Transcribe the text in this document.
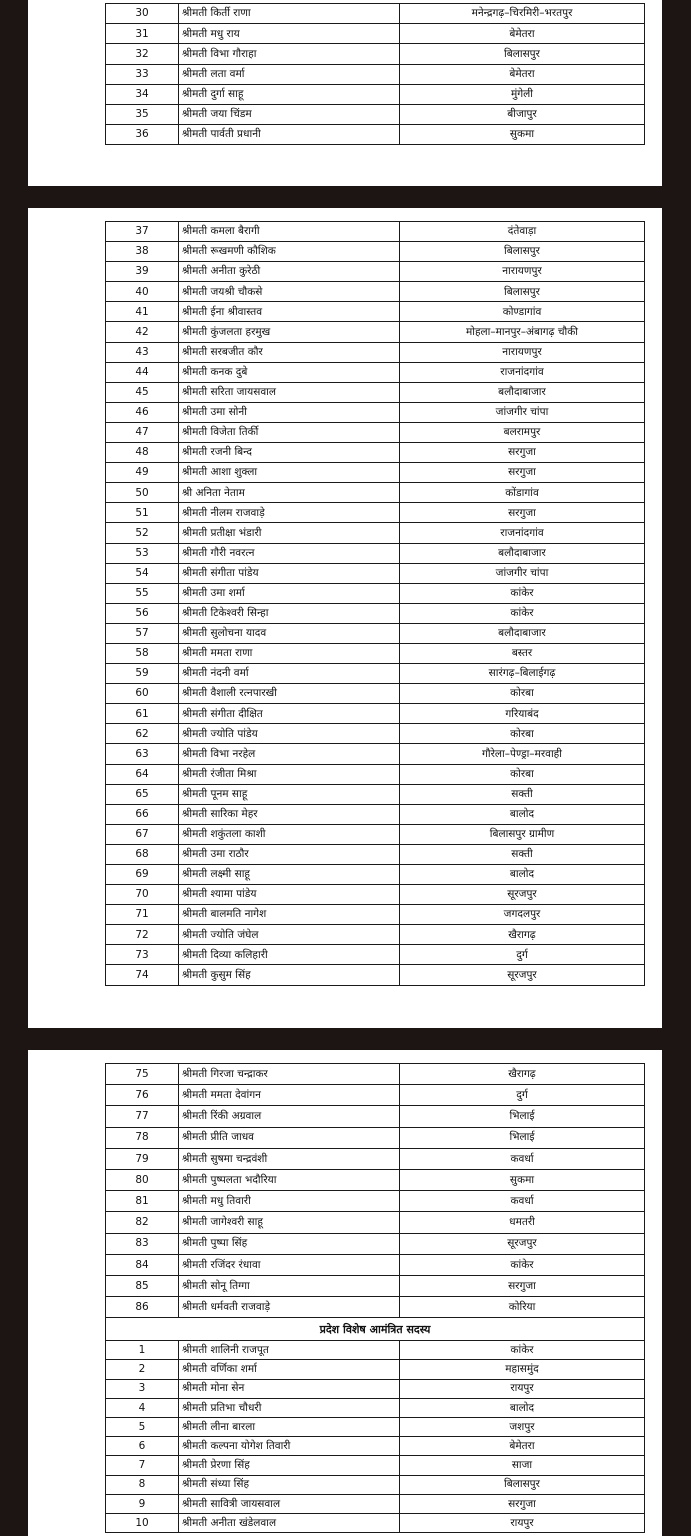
30	श्रीमती किर्ती राणा	मनेन्द्रगढ़–चिरमिरी–भरतपुर
31	श्रीमती मधु राय	बेमेतरा
32	श्रीमती विभा गौराहा	बिलासपुर
33	श्रीमती लता वर्मा	बेमेतरा
34	श्रीमती दुर्गा साहू	मुंगेली
35	श्रीमती जया चिंडम	बीजापुर
36	श्रीमती पार्वती प्रधानी	सुकमा
37	श्रीमती कमला बैरागी	दंतेवाड़ा
38	श्रीमती रूखमणी कौशिक	बिलासपुर
39	श्रीमती अनीता कुरेठी	नारायणपुर
40	श्रीमती जयश्री चौकसे	बिलासपुर
41	श्रीमती ईना श्रीवास्तव	कोण्डागांव
42	श्रीमती कुंजलता हरमुख	मोहला–मानपुर–अंबागढ़ चौकी
43	श्रीमती सरबजीत कौर	नारायणपुर
44	श्रीमती कनक दुबे	राजनांदगांव
45	श्रीमती सरिता जायसवाल	बलौदाबाजार
46	श्रीमती उमा सोनी	जांजगीर चांपा
47	श्रीमती विजेता तिर्की	बलरामपुर
48	श्रीमती रजनी बिन्द	सरगुजा
49	श्रीमती आशा शुक्ला	सरगुजा
50	श्री अनिता नेताम	कोंडागांव
51	श्रीमती नीलम राजवाड़े	सरगुजा
52	श्रीमती प्रतीक्षा भंडारी	राजनांदगांव
53	श्रीमती गौरी नवरत्न	बलौदाबाजार
54	श्रीमती संगीता पांडेय	जांजगीर चांपा
55	श्रीमती उमा शर्मा	कांकेर
56	श्रीमती टिकेश्वरी सिन्हा	कांकेर
57	श्रीमती सुलोचना यादव	बलौदाबाजार
58	श्रीमती ममता राणा	बस्तर
59	श्रीमती नंदनी वर्मा	सारंगढ़–बिलाईगढ़
60	श्रीमती वैशाली रत्नपारखी	कोरबा
61	श्रीमती संगीता दीक्षित	गरियाबंद
62	श्रीमती ज्योति पांडेय	कोरबा
63	श्रीमती विभा नरहेल	गौरेला–पेण्ड्रा–मरवाही
64	श्रीमती रंजीता मिश्रा	कोरबा
65	श्रीमती पूनम साहू	सक्ती
66	श्रीमती सारिका मेहर	बालोद
67	श्रीमती शकुंतला काशी	बिलासपुर ग्रामीण
68	श्रीमती उमा राठौर	सक्ती
69	श्रीमती लक्ष्मी साहू	बालोद
70	श्रीमती श्यामा पांडेय	सूरजपुर
71	श्रीमती बालमति नागेश	जगदलपुर
72	श्रीमती ज्योति जंघेल	खैरागढ़
73	श्रीमती दिव्या कलिहारी	दुर्ग
74	श्रीमती कुसुम सिंह	सूरजपुर
75	श्रीमती गिरजा चन्द्राकर	खैरागढ़
76	श्रीमती ममता देवांगन	दुर्ग
77	श्रीमती रिंकी अग्रवाल	भिलाई
78	श्रीमती प्रीति जाधव	भिलाई
79	श्रीमती सुषमा चन्द्रवंशी	कवर्धा
80	श्रीमती पुष्पलता भदौरिया	सुकमा
81	श्रीमती मधु तिवारी	कवर्धा
82	श्रीमती जागेश्वरी साहू	धमतरी
83	श्रीमती पुष्पा सिंह	सूरजपुर
84	श्रीमती रजिंदर रंधावा	कांकेर
85	श्रीमती सोनू तिग्गा	सरगुजा
86	श्रीमती धर्मवती राजवाड़े	कोरिया
प्रदेश विशेष आमंत्रित सदस्य		
1	श्रीमती शालिनी राजपूत	कांकेर
2	श्रीमती वर्णिका शर्मा	महासमुंद
3	श्रीमती मोना सेन	रायपुर
4	श्रीमती प्रतिभा चौधरी	बालोद
5	श्रीमती लीना बारला	जशपुर
6	श्रीमती कल्पना योगेश तिवारी	बेमेतरा
7	श्रीमती प्रेरणा सिंह	साजा
8	श्रीमती संध्या सिंह	बिलासपुर
9	श्रीमती सावित्री जायसवाल	सरगुजा
10	श्रीमती अनीता खंडेलवाल	रायपुर
